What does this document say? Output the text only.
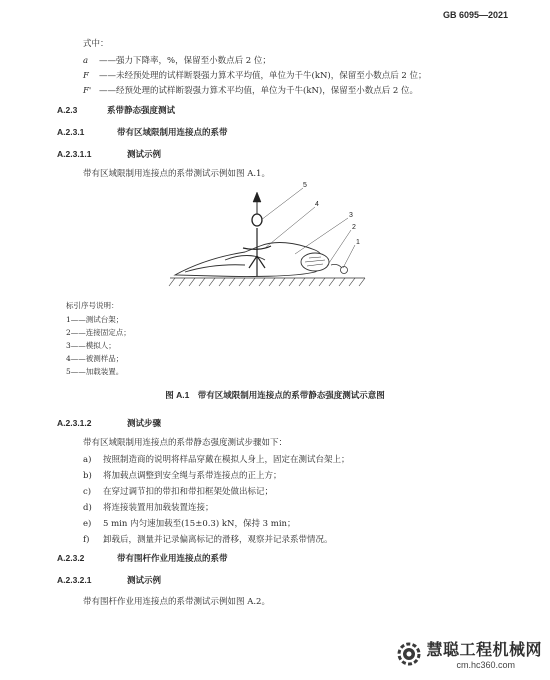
GB 6095—2021
式中：
a ——强力下降率，%，保留至小数点后 2 位；
F ——未经预处理的试样断裂强力算术平均值，单位为千牛(kN)，保留至小数点后 2 位；
F' ——经预处理的试样断裂强力算术平均值，单位为千牛(kN)，保留至小数点后 2 位。
A.2.3	系带静态强度测试
A.2.3.1	带有区域限制用连接点的系带
A.2.3.1.1	测试示例
带有区域限制用连接点的系带测试示例如图 A.1。
5
4
3
2
1
标引序号说明：
1——测试台架；
2——连接固定点；
3——模拟人；
4——被测样品；
5——加载装置。
图 A.1　带有区域限制用连接点的系带静态强度测试示意图
A.2.3.1.2	测试步骤
带有区域限制用连接点的系带静态强度测试步骤如下：
a) 按照制造商的说明将样品穿戴在模拟人身上，固定在测试台架上；
b) 将加载点调整到安全绳与系带连接点的正上方；
c) 在穿过调节扣的带扣和带扣框架处做出标记；
d) 将连接装置用加载装置连接；
e) 5 min 内匀速加载至(15±0.3) kN，保持 3 min；
f) 卸载后，测量并记录偏离标记的滑移，观察并记录系带情况。
A.2.3.2	带有围杆作业用连接点的系带
A.2.3.2.1	测试示例
带有围杆作业用连接点的系带测试示例如图 A.2。
慧聪工程机械网
cm.hc360.com
